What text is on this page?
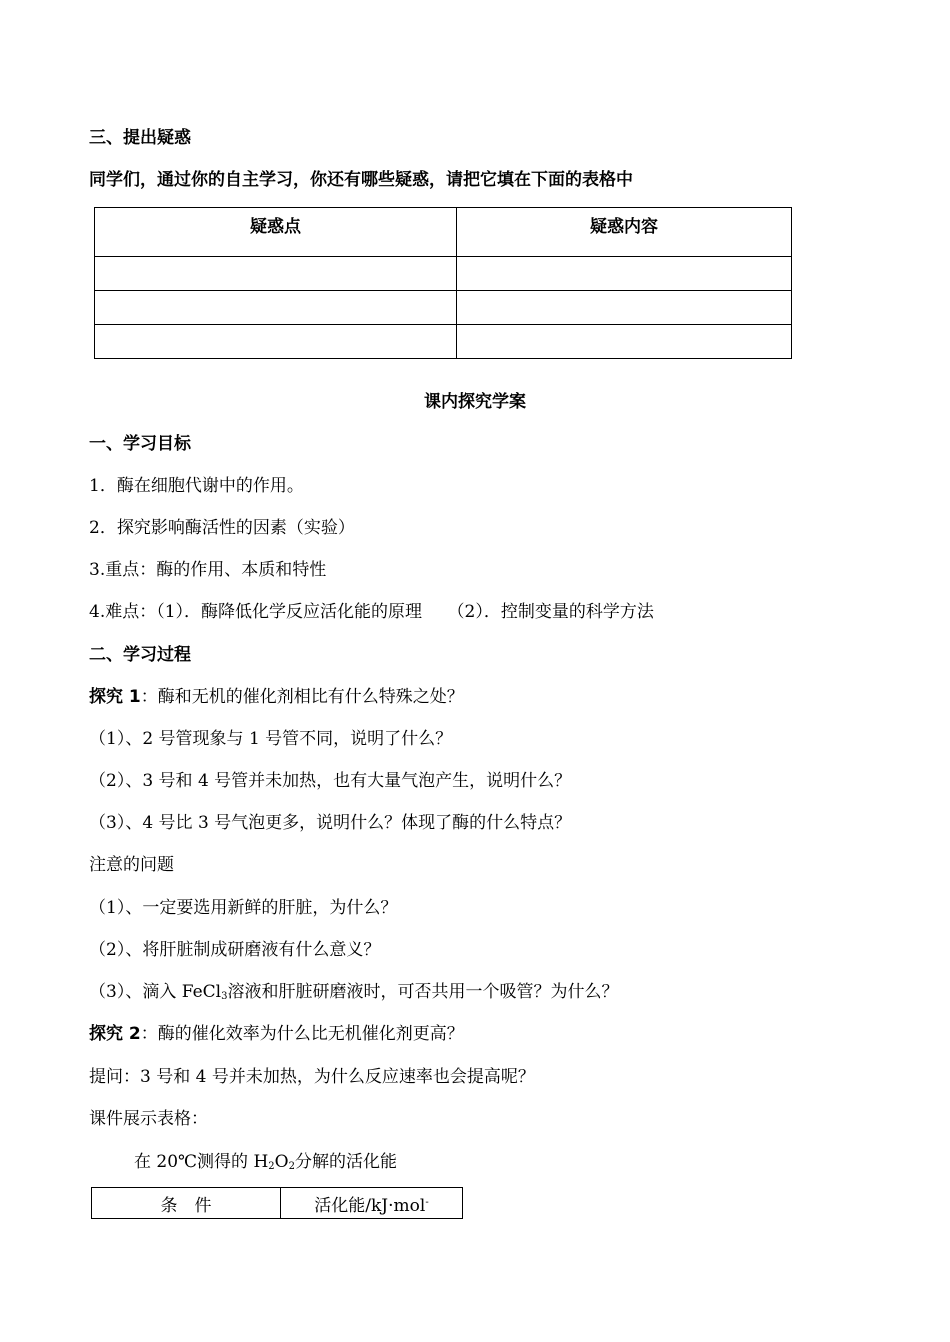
三、提出疑惑
同学们，通过你的自主学习，你还有哪些疑惑，请把它填在下面的表格中
疑惑点	疑惑内容

课内探究学案
一、学习目标
1．酶在细胞代谢中的作用。
2．探究影响酶活性的因素（实验）
3.重点：酶的作用、本质和特性
4.难点：（1）．酶降低化学反应活化能的原理　　（2）．控制变量的科学方法
二、学习过程
探究 1：酶和无机的催化剂相比有什么特殊之处？
（1）、2 号管现象与 1 号管不同，说明了什么？
（2）、3 号和 4 号管并未加热，也有大量气泡产生，说明什么？
（3）、4 号比 3 号气泡更多，说明什么？体现了酶的什么特点？
注意的问题
（1）、一定要选用新鲜的肝脏，为什么？
（2）、将肝脏制成研磨液有什么意义？
（3）、滴入 FeCl$_3$溶液和肝脏研磨液时，可否共用一个吸管？为什么？
探究 2：酶的催化效率为什么比无机催化剂更高？
提问：3 号和 4 号并未加热，为什么反应速率也会提高呢？
课件展示表格：
在 20℃测得的 $H_2O_2$分解的活化能
条　件	活化能/kJ·mol-
